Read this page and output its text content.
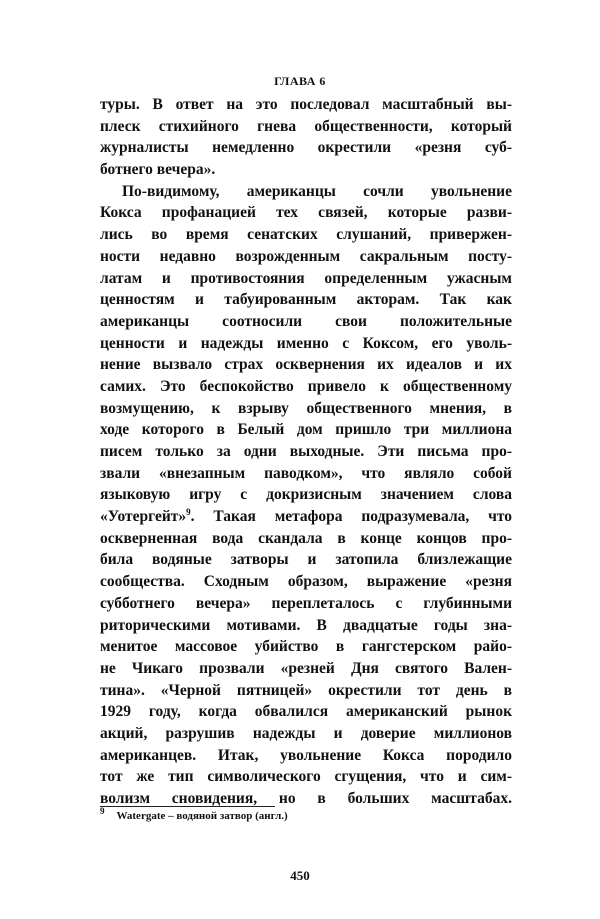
ГЛАВА 6
туры. В ответ на это последовал масштабный вы-
плеск стихийного гнева общественности, который
журналисты немедленно окрестили «резня суб-
ботнего вечера».
По-видимому, американцы сочли увольнение
Кокса профанацией тех связей, которые разви-
лись во время сенатских слушаний, привержен-
ности недавно возрожденным сакральным посту-
латам и противостояния определенным ужасным
ценностям и табуированным акторам. Так как
американцы соотносили свои положительные
ценности и надежды именно с Коксом, его уволь-
нение вызвало страх осквернения их идеалов и их
самих. Это беспокойство привело к общественному
возмущению, к взрыву общественного мнения, в
ходе которого в Белый дом пришло три миллиона
писем только за одни выходные. Эти письма про-
звали «внезапным паводком», что являло собой
языковую игру с докризисным значением слова
«Уотергейт»$^9$. Такая метафора подразумевала, что
оскверненная вода скандала в конце концов про-
била водяные затворы и затопила близлежащие
сообщества. Сходным образом, выражение «резня
субботнего вечера» переплеталось с глубинными
риторическими мотивами. В двадцатые годы зна-
менитое массовое убийство в гангстерском райо-
не Чикаго прозвали «резней Дня святого Вален-
тина». «Черной пятницей» окрестили тот день в
1929 году, когда обвалился американский рынок
акций, разрушив надежды и доверие миллионов
американцев. Итак, увольнение Кокса породило
тот же тип символического сгущения, что и сим-
волизм сновидения, но в больших масштабах.
$^9$ Watergate – водяной затвор (англ.)
450
